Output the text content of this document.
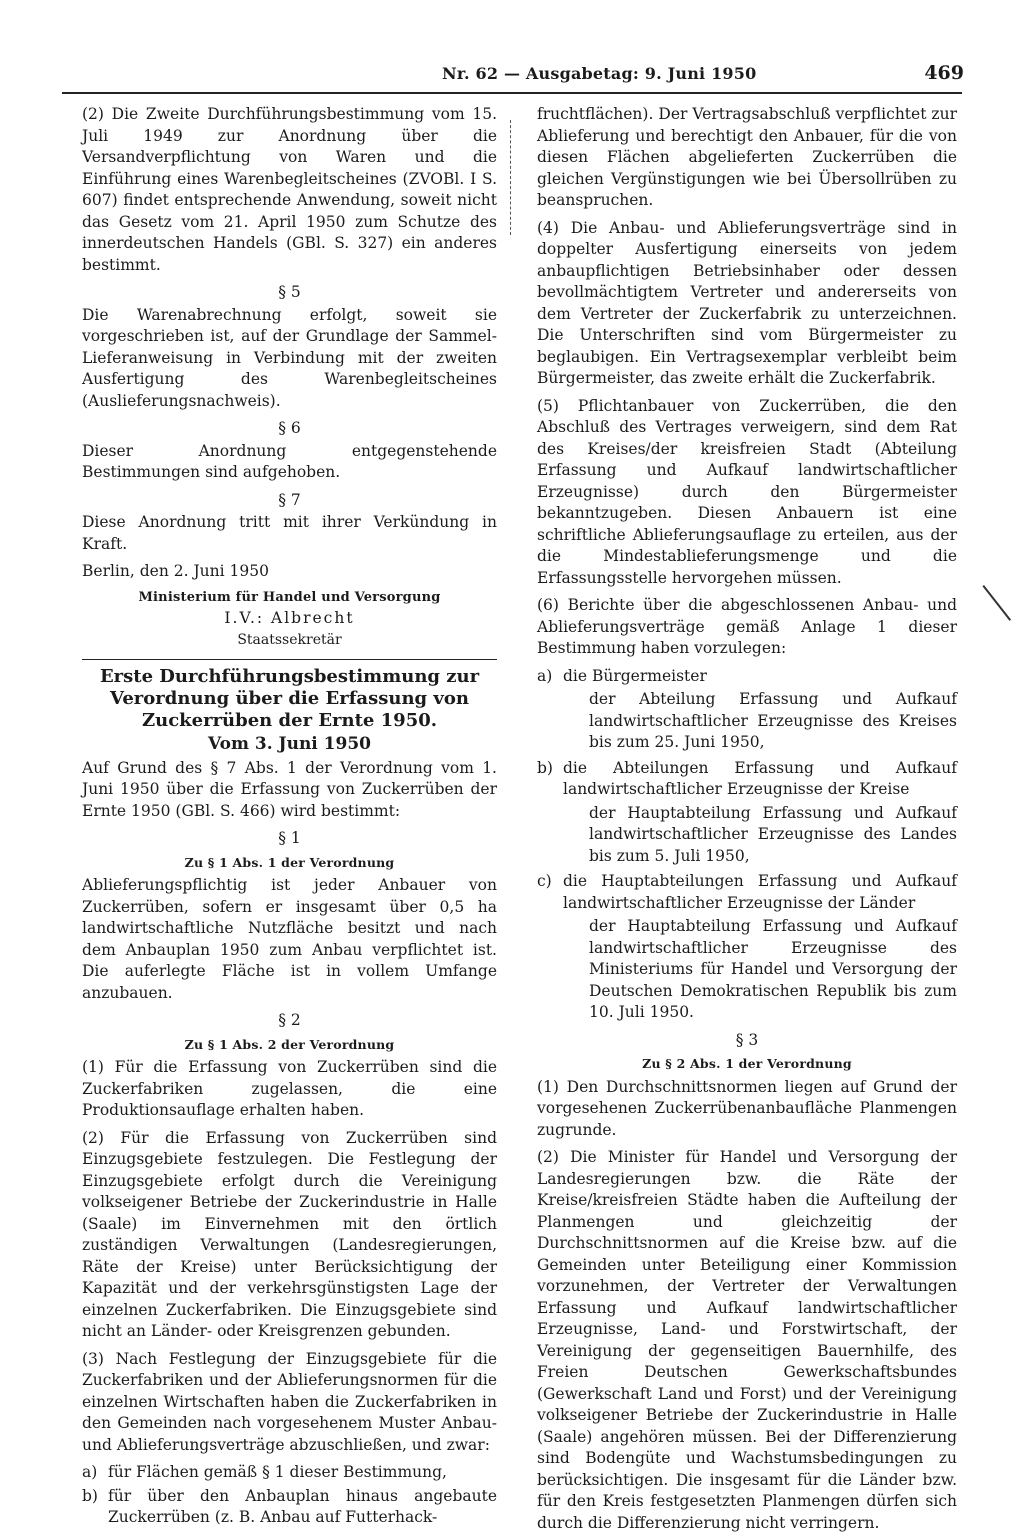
Nr. 62 — Ausgabetag: 9. Juni 1950	469

(2) Die Zweite Durchführungsbestimmung vom 15. Juli 1949 zur Anordnung über die Versandverpflichtung von Waren und die Einführung eines Warenbegleitscheines (ZVOBl. I S. 607) findet entsprechende Anwendung, soweit nicht das Gesetz vom 21. April 1950 zum Schutze des innerdeutschen Handels (GBl. S. 327) ein anderes bestimmt.

§ 5

Die Warenabrechnung erfolgt, soweit sie vorgeschrieben ist, auf der Grundlage der Sammel-Lieferanweisung in Verbindung mit der zweiten Ausfertigung des Warenbegleitscheines (Auslieferungsnachweis).

§ 6

Dieser Anordnung entgegenstehende Bestimmungen sind aufgehoben.

§ 7

Diese Anordnung tritt mit ihrer Verkündung in Kraft.

Berlin, den 2. Juni 1950
Ministerium für Handel und Versorgung
I.V.: Albrecht
Staatssekretär
Erste Durchführungsbestimmung zur Verordnung über die Erfassung von Zuckerrüben der Ernte 1950.
Vom 3. Juni 1950

Auf Grund des § 7 Abs. 1 der Verordnung vom 1. Juni 1950 über die Erfassung von Zuckerrüben der Ernte 1950 (GBl. S. 466) wird bestimmt:

§ 1
Zu § 1 Abs. 1 der Verordnung

Ablieferungspflichtig ist jeder Anbauer von Zuckerrüben, sofern er insgesamt über 0,5 ha landwirtschaftliche Nutzfläche besitzt und nach dem Anbauplan 1950 zum Anbau verpflichtet ist. Die auferlegte Fläche ist in vollem Umfange anzubauen.

§ 2
Zu § 1 Abs. 2 der Verordnung

(1) Für die Erfassung von Zuckerrüben sind die Zuckerfabriken zugelassen, die eine Produktionsauflage erhalten haben.

(2) Für die Erfassung von Zuckerrüben sind Einzugsgebiete festzulegen. Die Festlegung der Einzugsgebiete erfolgt durch die Vereinigung volkseigener Betriebe der Zuckerindustrie in Halle (Saale) im Einvernehmen mit den örtlich zuständigen Verwaltungen (Landesregierungen, Räte der Kreise) unter Berücksichtigung der Kapazität und der verkehrsgünstigsten Lage der einzelnen Zuckerfabriken. Die Einzugsgebiete sind nicht an Länder- oder Kreisgrenzen gebunden.

(3) Nach Festlegung der Einzugsgebiete für die Zuckerfabriken und der Ablieferungsnormen für die einzelnen Wirtschaften haben die Zuckerfabriken in den Gemeinden nach vorgesehenem Muster Anbau- und Ablieferungsverträge abzuschließen, und zwar:

a) für Flächen gemäß § 1 dieser Bestimmung,
b) für über den Anbauplan hinaus angebaute Zuckerrüben (z. B. Anbau auf Futterhack-

fruchtflächen). Der Vertragsabschluß verpflichtet zur Ablieferung und berechtigt den Anbauer, für die von diesen Flächen abgelieferten Zuckerrüben die gleichen Vergünstigungen wie bei Übersollrüben zu beanspruchen.

(4) Die Anbau- und Ablieferungsverträge sind in doppelter Ausfertigung einerseits von jedem anbaupflichtigen Betriebsinhaber oder dessen bevollmächtigtem Vertreter und andererseits von dem Vertreter der Zuckerfabrik zu unterzeichnen. Die Unterschriften sind vom Bürgermeister zu beglaubigen. Ein Vertragsexemplar verbleibt beim Bürgermeister, das zweite erhält die Zuckerfabrik.

(5) Pflichtanbauer von Zuckerrüben, die den Abschluß des Vertrages verweigern, sind dem Rat des Kreises/der kreisfreien Stadt (Abteilung Erfassung und Aufkauf landwirtschaftlicher Erzeugnisse) durch den Bürgermeister bekanntzugeben. Diesen Anbauern ist eine schriftliche Ablieferungsauflage zu erteilen, aus der die Mindestablieferungsmenge und die Erfassungsstelle hervorgehen müssen.

(6) Berichte über die abgeschlossenen Anbau- und Ablieferungsverträge gemäß Anlage 1 dieser Bestimmung haben vorzulegen:

a) die Bürgermeister
der Abteilung Erfassung und Aufkauf landwirtschaftlicher Erzeugnisse des Kreises bis zum 25. Juni 1950,
b) die Abteilungen Erfassung und Aufkauf landwirtschaftlicher Erzeugnisse der Kreise
der Hauptabteilung Erfassung und Aufkauf landwirtschaftlicher Erzeugnisse des Landes bis zum 5. Juli 1950,
c) die Hauptabteilungen Erfassung und Aufkauf landwirtschaftlicher Erzeugnisse der Länder
der Hauptabteilung Erfassung und Aufkauf landwirtschaftlicher Erzeugnisse des Ministeriums für Handel und Versorgung der Deutschen Demokratischen Republik bis zum 10. Juli 1950.
§ 3
Zu § 2 Abs. 1 der Verordnung

(1) Den Durchschnittsnormen liegen auf Grund der vorgesehenen Zuckerrübenanbaufläche Planmengen zugrunde.

(2) Die Minister für Handel und Versorgung der Landesregierungen bzw. die Räte der Kreise/kreisfreien Städte haben die Aufteilung der Planmengen und gleichzeitig der Durchschnittsnormen auf die Kreise bzw. auf die Gemeinden unter Beteiligung einer Kommission vorzunehmen, der Vertreter der Verwaltungen Erfassung und Aufkauf landwirtschaftlicher Erzeugnisse, Land- und Forstwirtschaft, der Vereinigung der gegenseitigen Bauernhilfe, des Freien Deutschen Gewerkschaftsbundes (Gewerkschaft Land und Forst) und der Vereinigung volkseigener Betriebe der Zuckerindustrie in Halle (Saale) angehören müssen. Bei der Differenzierung sind Bodengüte und Wachstumsbedingungen zu berücksichtigen. Die insgesamt für die Länder bzw. für den Kreis festgesetzten Planmengen dürfen sich durch die Differenzierung nicht verringern.
